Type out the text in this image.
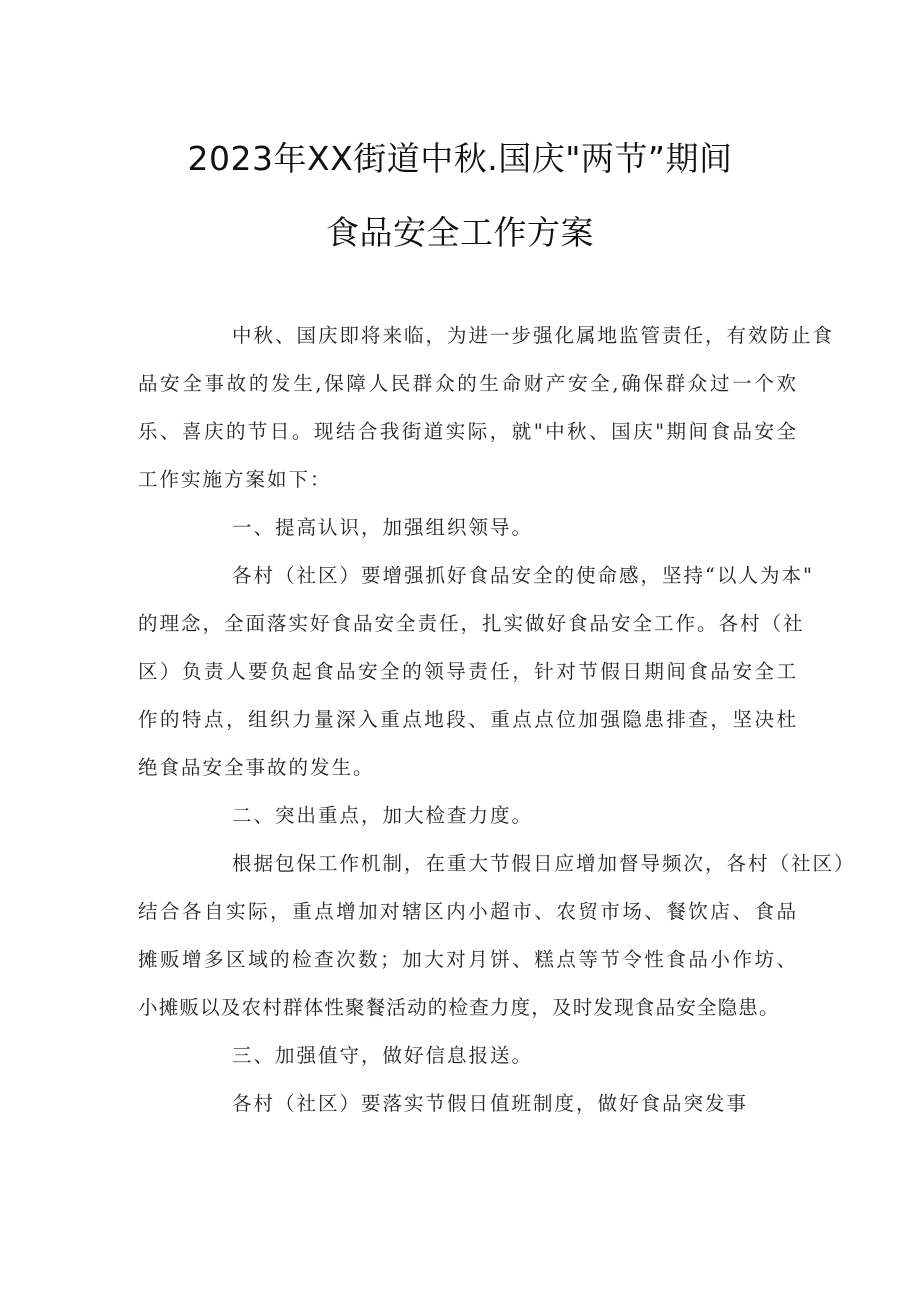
2023年XX街道中秋.国庆"两节”期间
食品安全工作方案
中秋、国庆即将来临，为进一步强化属地监管责任，有效防止食
品安全事故的发生,保障人民群众的生命财产安全,确保群众过一个欢
乐、喜庆的节日。现结合我街道实际，就"中秋、国庆"期间食品安全
工作实施方案如下：
一、提高认识，加强组织领导。
各村（社区）要增强抓好食品安全的使命感，坚持“以人为本"
的理念，全面落实好食品安全责任，扎实做好食品安全工作。各村（社
区）负责人要负起食品安全的领导责任，针对节假日期间食品安全工
作的特点，组织力量深入重点地段、重点点位加强隐患排查，坚决杜
绝食品安全事故的发生。
二、突出重点，加大检查力度。
根据包保工作机制，在重大节假日应增加督导频次，各村（社区）
结合各自实际，重点增加对辖区内小超市、农贸市场、餐饮店、食品
摊贩增多区域的检查次数；加大对月饼、糕点等节令性食品小作坊、
小摊贩以及农村群体性聚餐活动的检查力度，及时发现食品安全隐患。
三、加强值守，做好信息报送。
各村（社区）要落实节假日值班制度，做好食品突发事
